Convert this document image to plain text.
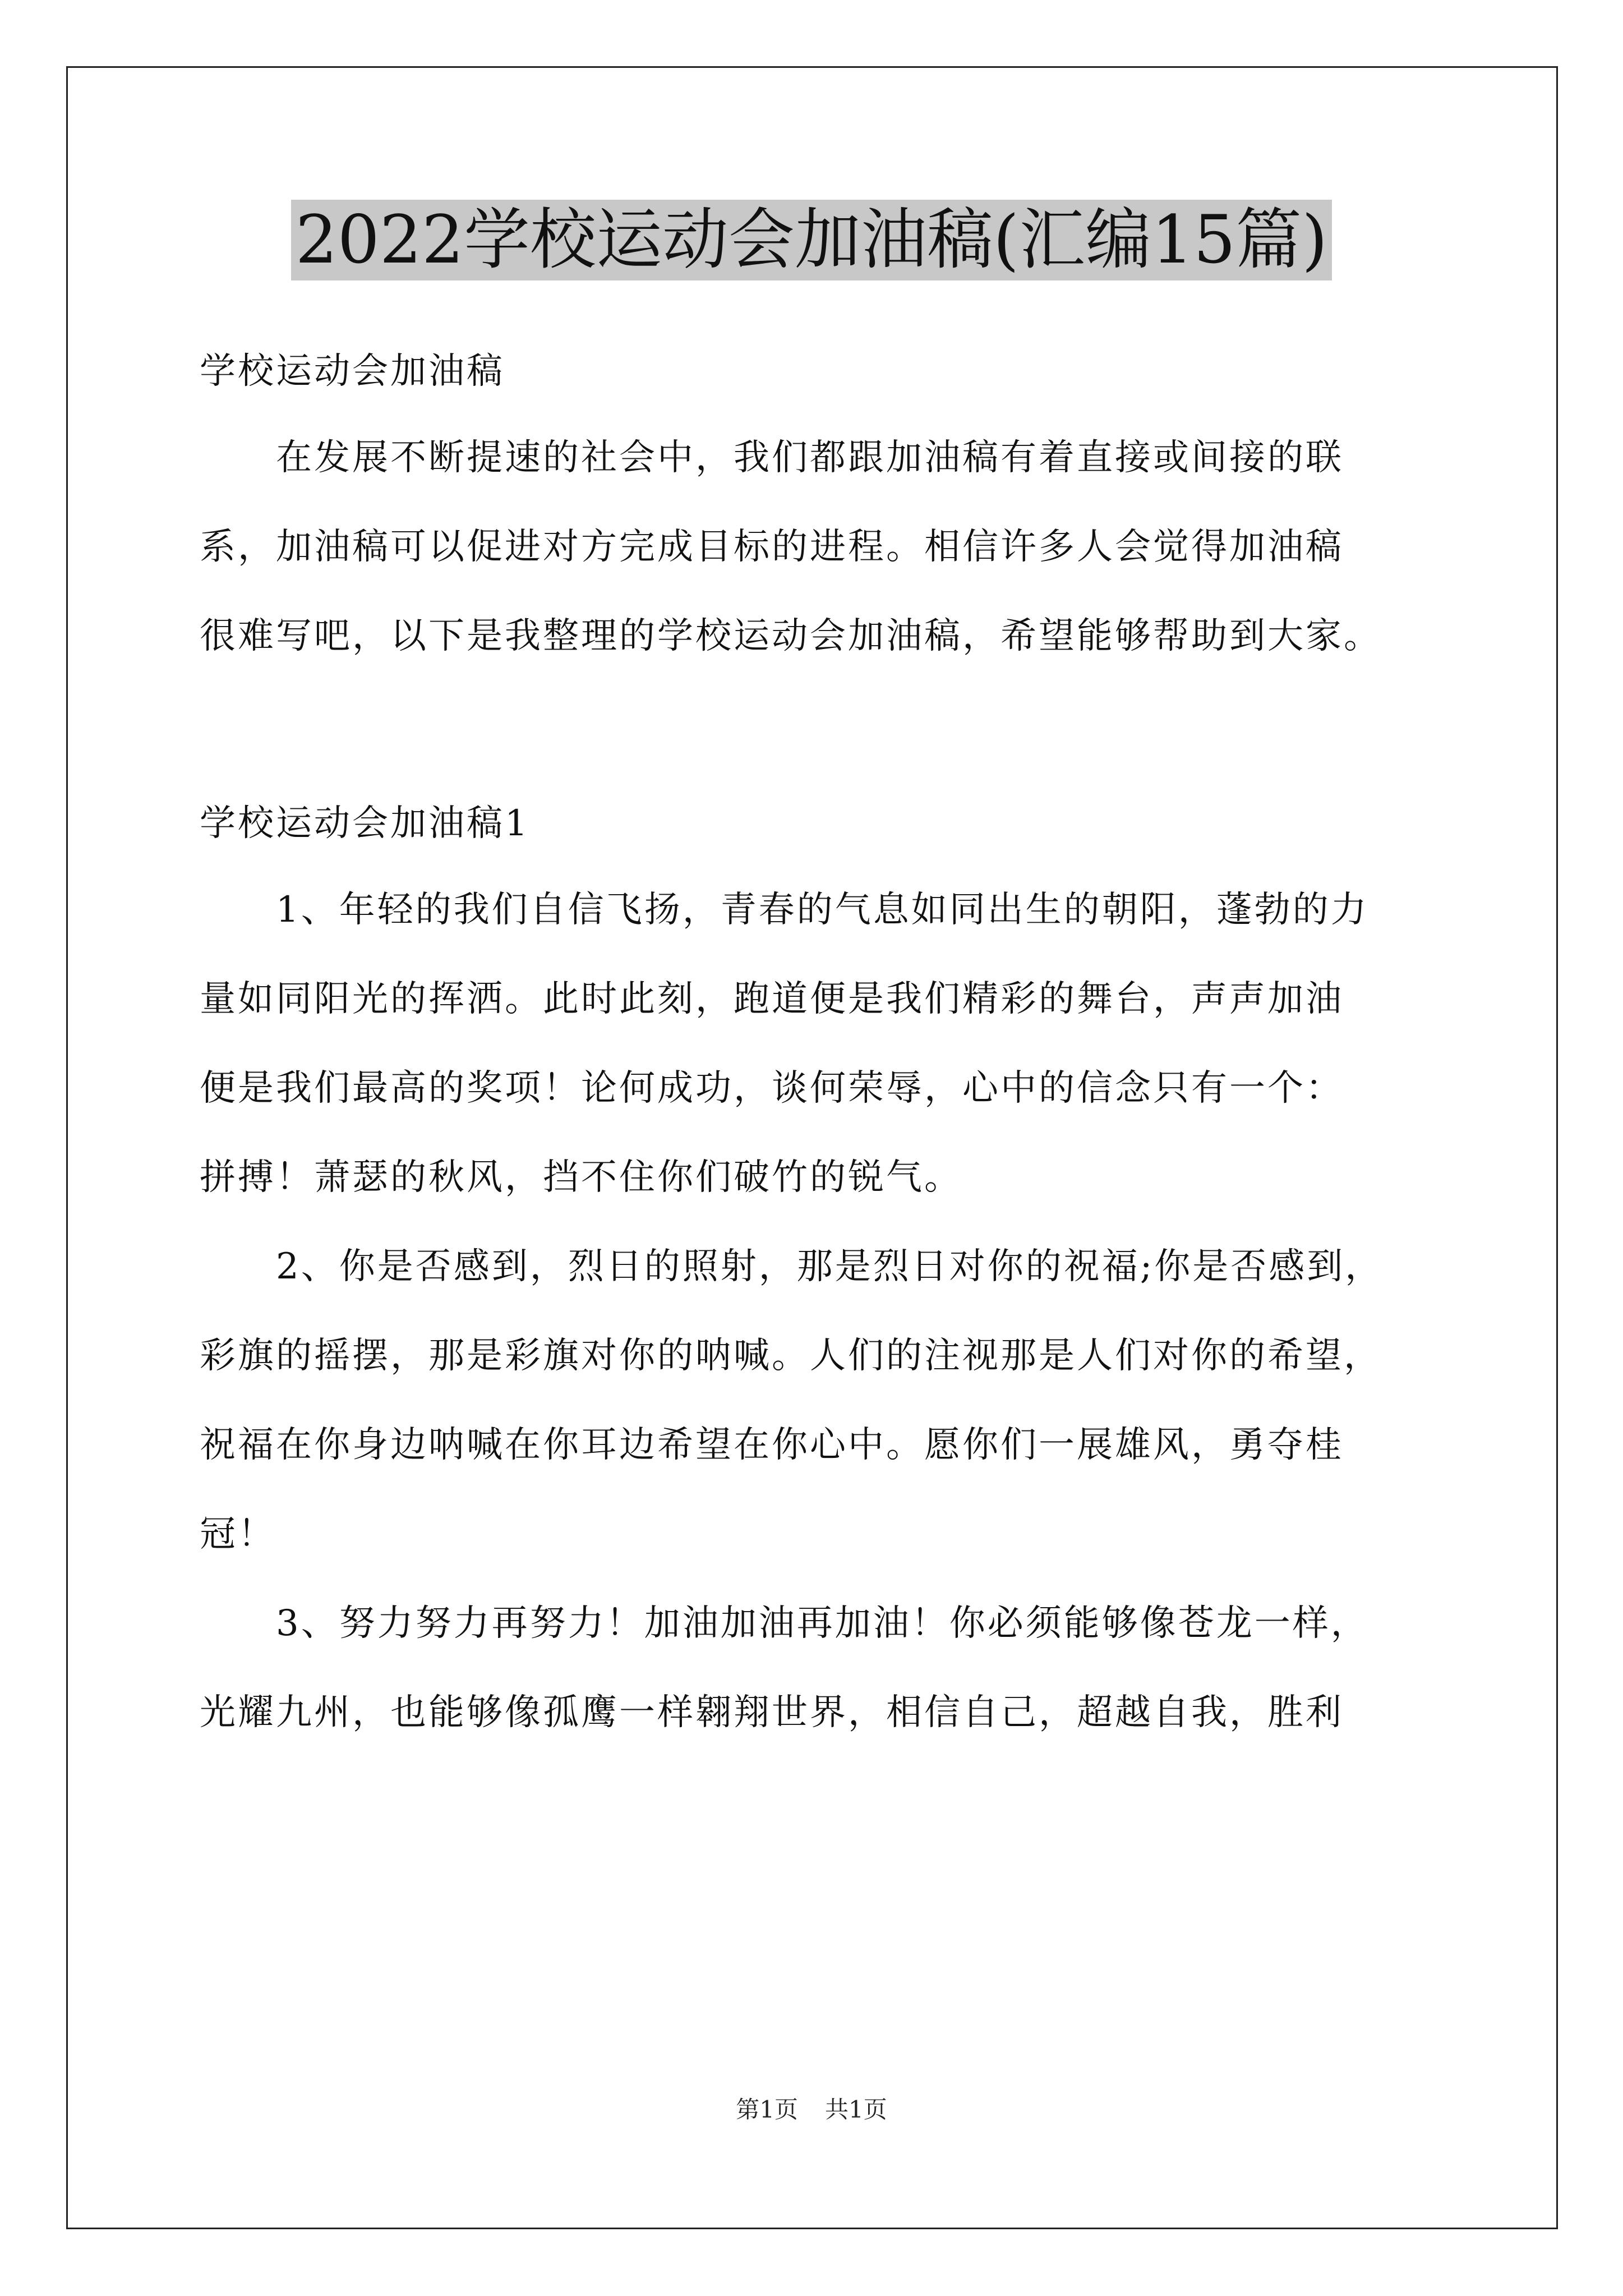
2022学校运动会加油稿(汇编15篇)
学校运动会加油稿
在发展不断提速的社会中，我们都跟加油稿有着直接或间接的联
系，加油稿可以促进对方完成目标的进程。相信许多人会觉得加油稿
很难写吧，以下是我整理的学校运动会加油稿，希望能够帮助到大家。
学校运动会加油稿1
1、年轻的我们自信飞扬，青春的气息如同出生的朝阳，蓬勃的力
量如同阳光的挥洒。此时此刻，跑道便是我们精彩的舞台，声声加油
便是我们最高的奖项！论何成功，谈何荣辱，心中的信念只有一个：
拼搏！萧瑟的秋风，挡不住你们破竹的锐气。
2、你是否感到，烈日的照射，那是烈日对你的祝福;你是否感到，
彩旗的摇摆，那是彩旗对你的呐喊。人们的注视那是人们对你的希望，
祝福在你身边呐喊在你耳边希望在你心中。愿你们一展雄风，勇夺桂
冠！
3、努力努力再努力！加油加油再加油！你必须能够像苍龙一样，
光耀九州，也能够像孤鹰一样翱翔世界，相信自己，超越自我，胜利
第1页 共1页
